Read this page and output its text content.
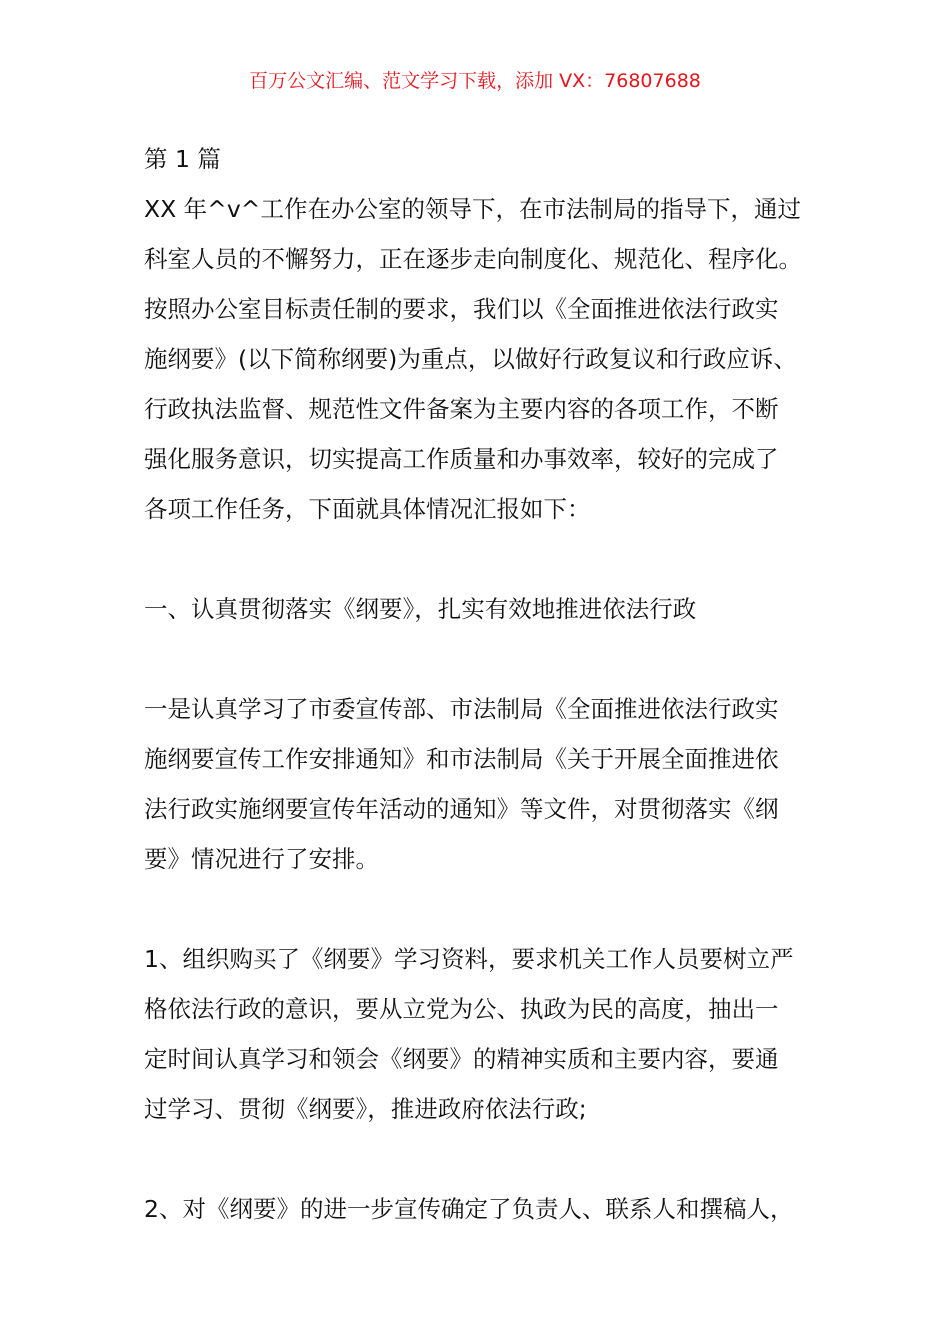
百万公文汇编、范文学习下载，添加 VX：76807688
第 1 篇
XX 年^v^工作在办公室的领导下，在市法制局的指导下，通过
科室人员的不懈努力，正在逐步走向制度化、规范化、程序化。
按照办公室目标责任制的要求，我们以《全面推进依法行政实
施纲要》(以下简称纲要)为重点，以做好行政复议和行政应诉、
行政执法监督、规范性文件备案为主要内容的各项工作，不断
强化服务意识，切实提高工作质量和办事效率，较好的完成了
各项工作任务，下面就具体情况汇报如下：
一、认真贯彻落实《纲要》，扎实有效地推进依法行政
一是认真学习了市委宣传部、市法制局《全面推进依法行政实
施纲要宣传工作安排通知》和市法制局《关于开展全面推进依
法行政实施纲要宣传年活动的通知》等文件，对贯彻落实《纲
要》情况进行了安排。
1、组织购买了《纲要》学习资料，要求机关工作人员要树立严
格依法行政的意识，要从立党为公、执政为民的高度，抽出一
定时间认真学习和领会《纲要》的精神实质和主要内容，要通
过学习、贯彻《纲要》，推进政府依法行政;
2、对《纲要》的进一步宣传确定了负责人、联系人和撰稿人，
